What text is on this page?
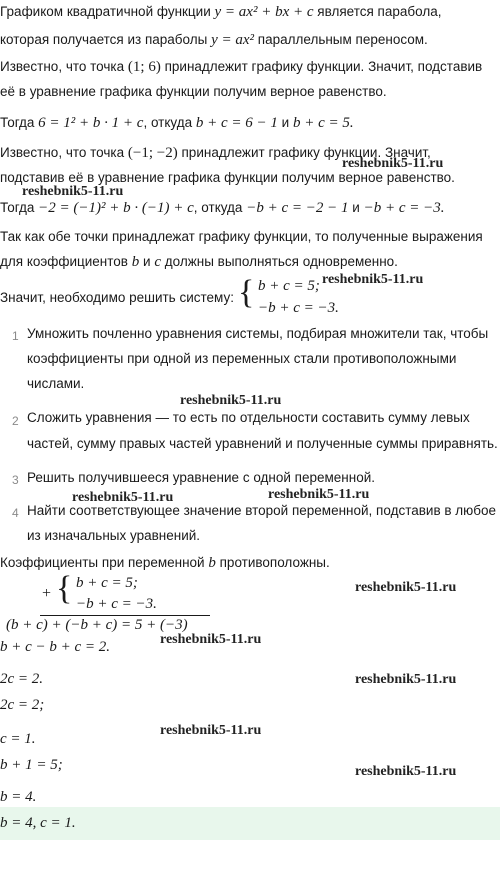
Графиком квадратичной функции y = ax² + bx + c является парабола,
которая получается из параболы y = ax² параллельным переносом.
Известно, что точка (1; 6) принадлежит графику функции. Значит, подставив
её в уравнение графика функции получим верное равенство.
Тогда 6 = 1² + b · 1 + c, откуда b + c = 6 − 1 и b + c = 5.
Известно, что точка (−1; −2) принадлежит графику функции. Значит,
reshebnik5-11.ru
подставив её в уравнение графика функции получим верное равенство.
reshebnik5-11.ru
Тогда −2 = (−1)² + b · (−1) + c, откуда −b + c = −2 − 1 и −b + c = −3.
Так как обе точки принадлежат графику функции, то полученные выражения
для коэффициентов b и c должны выполняться одновременно.
Значит, необходимо решить систему: { b + c = 5;
−b + c = −3.
reshebnik5-11.ru
1 Умножить почленно уравнения системы, подбирая множители так, чтобы
коэффициенты при одной из переменных стали противоположными
числами.
reshebnik5-11.ru
2 Сложить уравнения — то есть по отдельности составить сумму левых
частей, сумму правых частей уравнений и полученные суммы приравнять.
3 Решить получившееся уравнение с одной переменной.
reshebnik5-11.ru	reshebnik5-11.ru
4 Найти соответствующее значение второй переменной, подставив в любое
из изначальных уравнений.
Коэффициенты при переменной b противоположны.
+ { b + c = 5;
−b + c = −3.
(b + c) + (−b + c) = 5 + (−3)
reshebnik5-11.ru
reshebnik5-11.ru
b + c − b + c = 2.
2c = 2.	reshebnik5-11.ru
2c = 2;
reshebnik5-11.ru
c = 1.
b + 1 = 5;	reshebnik5-11.ru
b = 4.
b = 4, c = 1.
